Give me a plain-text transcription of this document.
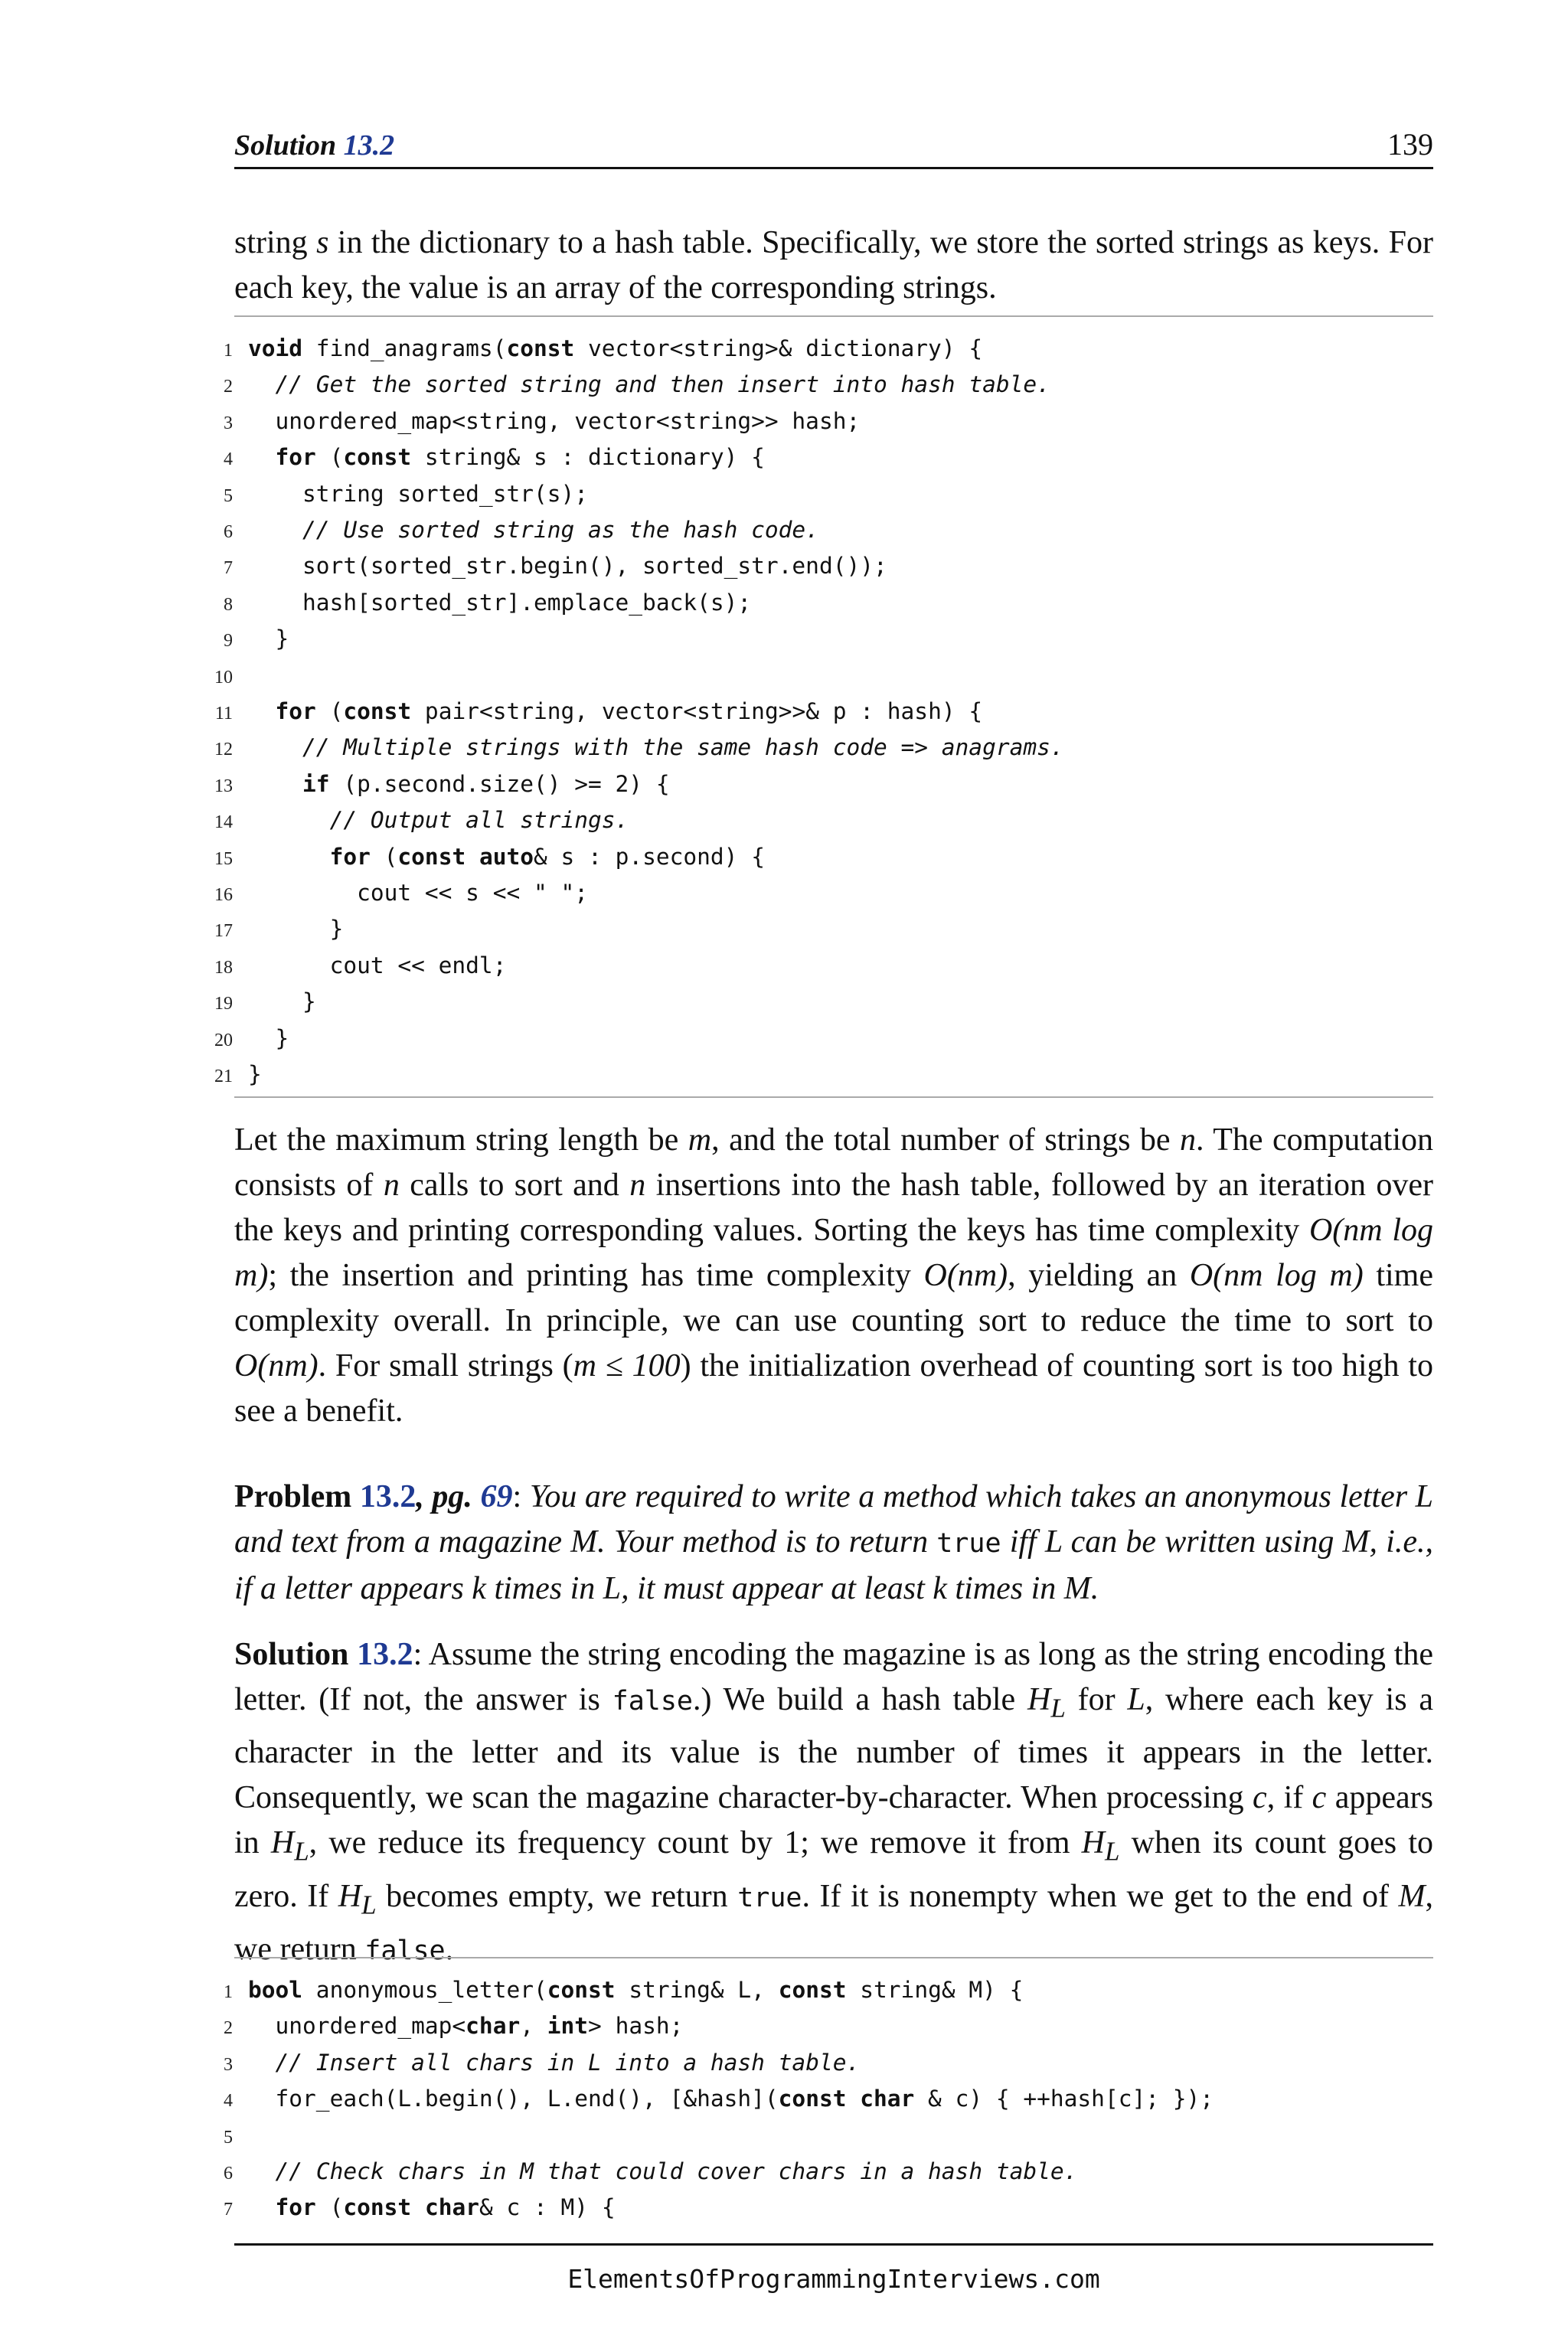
Solution 13.2	139

string s in the dictionary to a hash table. Specifically, we store the sorted strings as keys. For each key, the value is an array of the corresponding strings.

1 void find_anagrams(const vector<string>& dictionary) {
2 // Get the sorted string and then insert into hash table.
3  unordered_map<string, vector<string>> hash;
4 for (const string& s : dictionary) {
5    string sorted_str(s);
6	// Use sorted string as the hash code.
7    sort(sorted_str.begin(), sorted_str.end());
8    hash[sorted_str].emplace_back(s);
9  }
10
11 for (const pair<string, vector<string>>& p : hash) {
12	// Multiple strings with the same hash code => anagrams.
13	if (p.second.size() >= 2) {
14	// Output all strings.
15	for (const auto& s : p.second) {
16        cout << s << " ";
17      }
18      cout << endl;
19    }
20  }
21 }

Let the maximum string length be m, and the total number of strings be n. The computation consists of n calls to sort and n insertions into the hash table, followed by an iteration over the keys and printing corresponding values. Sorting the keys has time complexity O(nm log m); the insertion and printing has time complexity O(nm), yielding an O(nm log m) time complexity overall. In principle, we can use counting sort to reduce the time to sort to O(nm). For small strings (m ≤ 100) the initialization overhead of counting sort is too high to see a benefit.

Problem 13.2, pg. 69: You are required to write a method which takes an anonymous letter L and text from a magazine M. Your method is to return true iff L can be written using M, i.e., if a letter appears k times in L, it must appear at least k times in M.

Solution 13.2: Assume the string encoding the magazine is as long as the string encoding the letter. (If not, the answer is false.) We build a hash table $H_L$ for L, where each key is a character in the letter and its value is the number of times it appears in the letter. Consequently, we scan the magazine character-by-character. When processing c, if c appears in $H_L$, we reduce its frequency count by 1; we remove it from $H_L$ when its count goes to zero. If $H_L$ becomes empty, we return true. If it is nonempty when we get to the end of M, we return false.

1 bool anonymous_letter(const string& L, const string& M) {
2  unordered_map<char, int> hash;
3 // Insert all chars in L into a hash table.
4  for_each(L.begin(), L.end(), [&hash](const char & c) { ++hash[c]; });
5
6 // Check chars in M that could cover chars in a hash table.
7 for (const char& c : M) {
ElementsOfProgrammingInterviews.com
